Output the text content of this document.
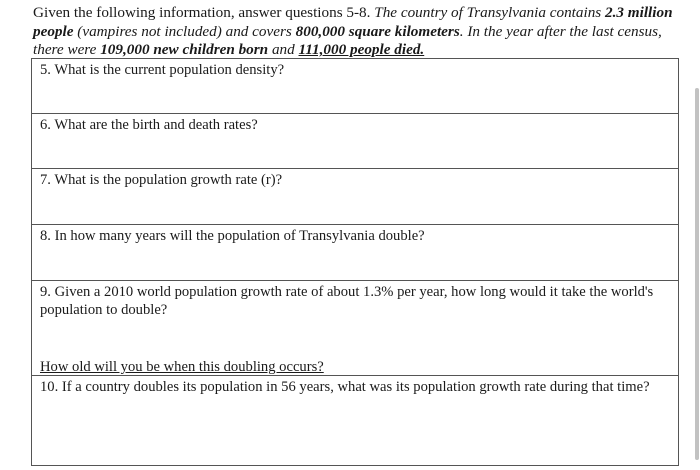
Given the following information, answer questions 5-8. The country of Transylvania contains 2.3 million people (vampires not included) and covers 800,000 square kilometers. In the year after the last census, there were 109,000 new children born and 111,000 people died.
5. What is the current population density?
6. What are the birth and death rates?
7. What is the population growth rate (r)?
8. In how many years will the population of Transylvania double?
9. Given a 2010 world population growth rate of about 1.3% per year, how long would it take the world's population to double?
How old will you be when this doubling occurs?
10. If a country doubles its population in 56 years, what was its population growth rate during that time?
